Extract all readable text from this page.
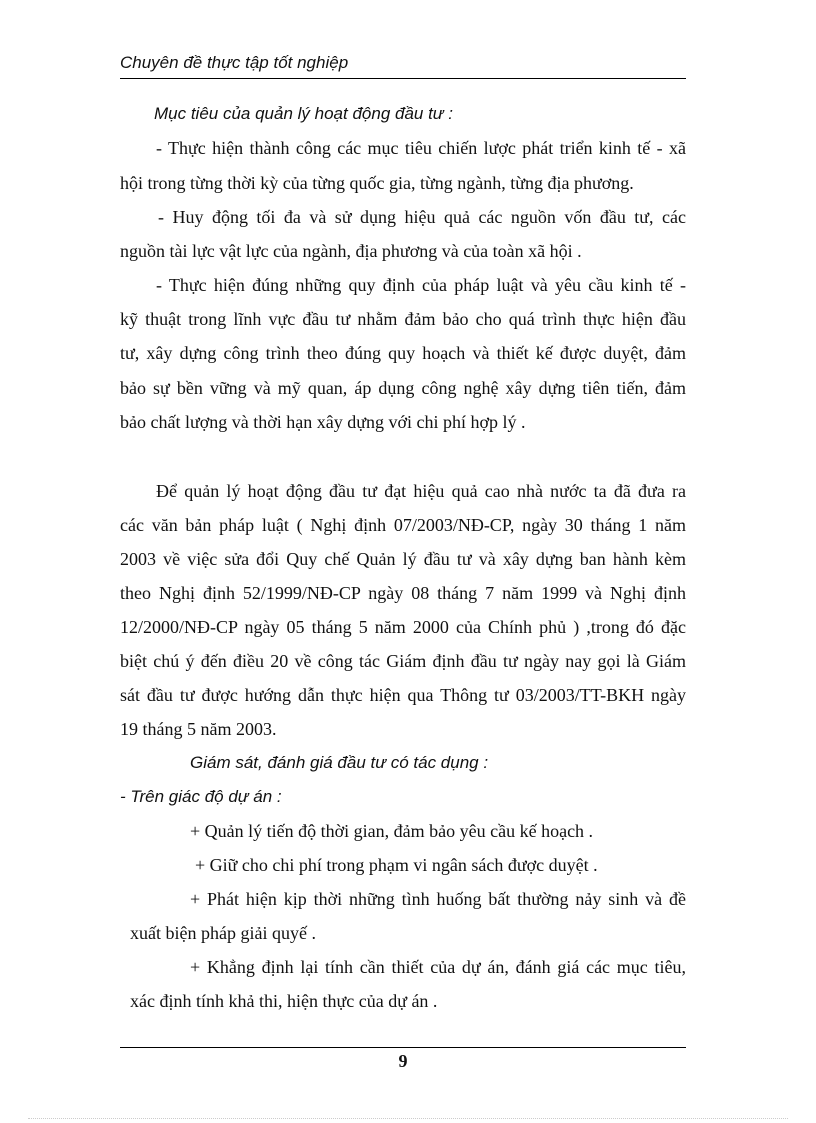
Chuyên đề thực tập tốt nghiệp
Mục tiêu của quản lý hoạt động đầu tư :
- Thực hiện thành công các mục tiêu chiến lược phát triển kinh tế - xã
hội trong từng thời kỳ của từng quốc gia, từng ngành, từng địa phương.
- Huy động tối đa và sử dụng hiệu quả các nguồn vốn đầu tư, các
nguồn tài lực vật lực của ngành, địa phương và của toàn xã hội .
- Thực hiện đúng những quy định của pháp luật và yêu cầu kinh tế -
kỹ thuật trong lĩnh vực đầu tư nhằm đảm bảo cho quá trình thực hiện đầu
tư, xây dựng công trình theo đúng quy hoạch và thiết kế được duyệt, đảm
bảo sự bền vững và mỹ quan, áp dụng công nghệ xây dựng tiên tiến, đảm
bảo chất lượng và thời hạn xây dựng với chi phí hợp lý .
Để quản lý hoạt động đầu tư đạt hiệu quả cao nhà nước ta đã đưa ra
các văn bản pháp luật ( Nghị định 07/2003/NĐ-CP, ngày 30 tháng 1 năm
2003 về việc sửa đổi Quy chế Quản lý đầu tư và xây dựng ban hành kèm
theo Nghị định 52/1999/NĐ-CP ngày 08 tháng 7 năm 1999 và Nghị định
12/2000/NĐ-CP ngày 05 tháng 5 năm 2000 của Chính phủ ) ,trong đó đặc
biệt chú ý đến điều 20 về công tác Giám định đầu tư ngày nay gọi là Giám
sát đầu tư được hướng dẫn thực hiện qua Thông tư 03/2003/TT-BKH ngày
19 tháng 5 năm 2003.
Giám sát, đánh giá đầu tư có tác dụng :
- Trên giác độ dự án :
+ Quản lý tiến độ thời gian, đảm bảo yêu cầu kế hoạch .
+ Giữ cho chi phí trong phạm vi ngân sách được duyệt .
+ Phát hiện kịp thời những tình huống bất thường nảy sinh và đề
xuất biện pháp giải quyế .
+ Khẳng định lại tính cần thiết của dự án, đánh giá các mục tiêu,
xác định tính khả thi, hiện thực của dự án .
9
